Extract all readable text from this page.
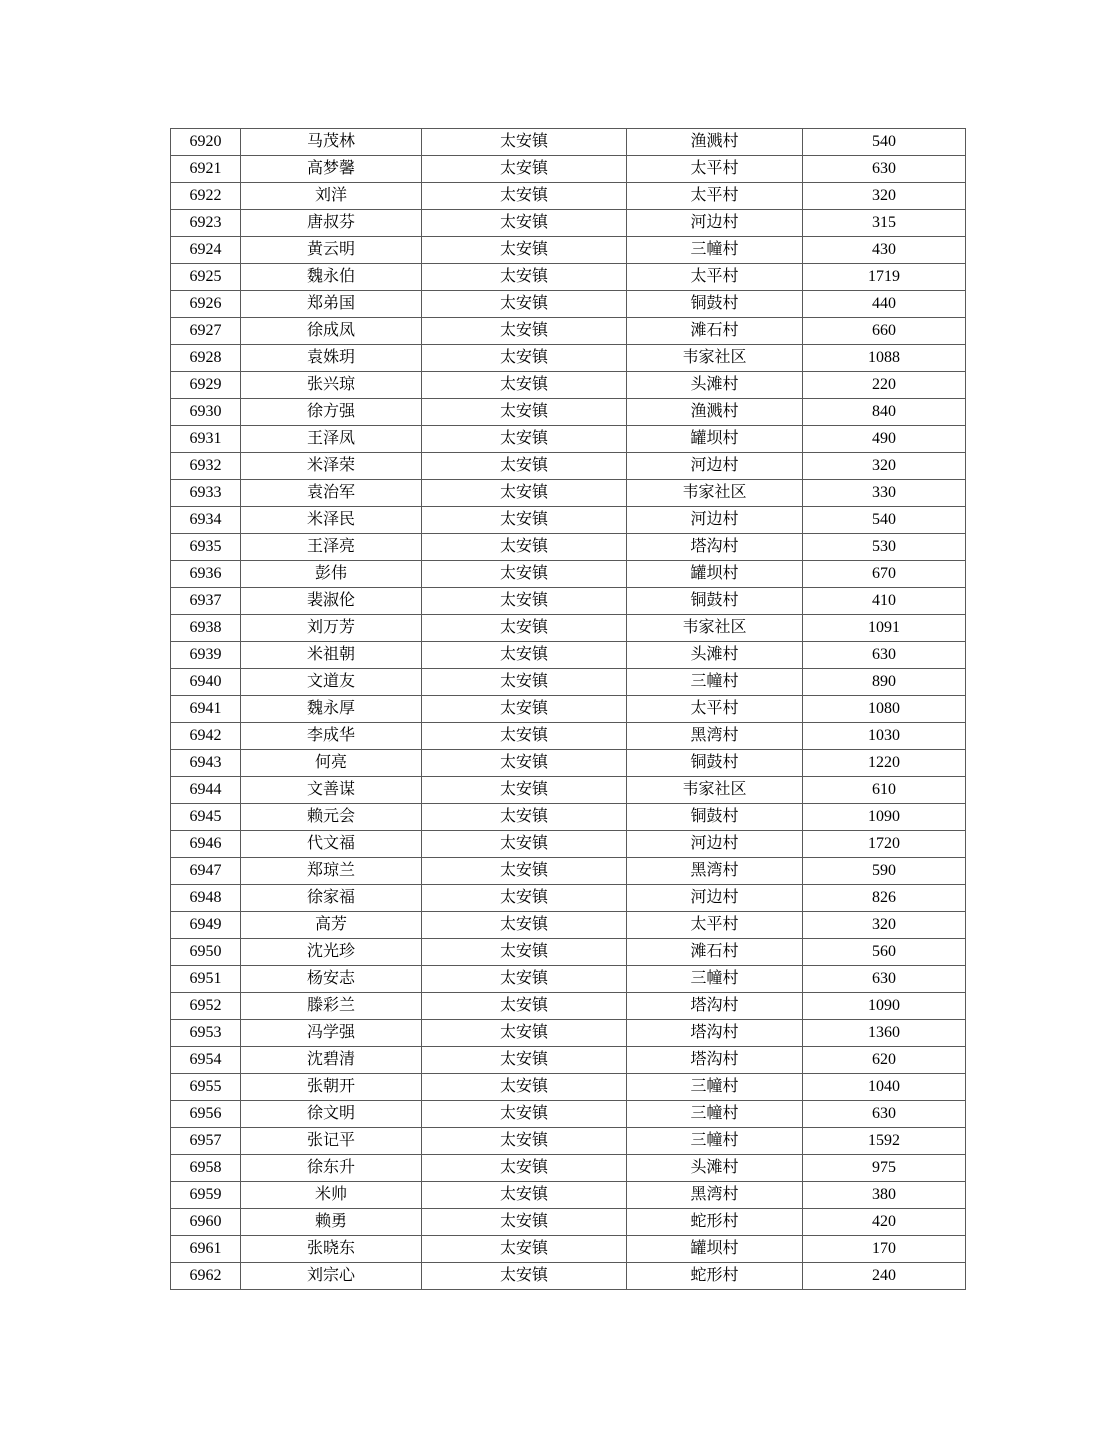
6920	马茂林	太安镇	渔溅村	540
6921	高梦馨	太安镇	太平村	630
6922	刘洋	太安镇	太平村	320
6923	唐叔芬	太安镇	河边村	315
6924	黄云明	太安镇	三幢村	430
6925	魏永伯	太安镇	太平村	1719
6926	郑弟国	太安镇	铜鼓村	440
6927	徐成凤	太安镇	滩石村	660
6928	袁姝玥	太安镇	韦家社区	1088
6929	张兴琼	太安镇	头滩村	220
6930	徐方强	太安镇	渔溅村	840
6931	王泽凤	太安镇	罐坝村	490
6932	米泽荣	太安镇	河边村	320
6933	袁治军	太安镇	韦家社区	330
6934	米泽民	太安镇	河边村	540
6935	王泽亮	太安镇	塔沟村	530
6936	彭伟	太安镇	罐坝村	670
6937	裴淑伦	太安镇	铜鼓村	410
6938	刘万芳	太安镇	韦家社区	1091
6939	米祖朝	太安镇	头滩村	630
6940	文道友	太安镇	三幢村	890
6941	魏永厚	太安镇	太平村	1080
6942	李成华	太安镇	黑湾村	1030
6943	何亮	太安镇	铜鼓村	1220
6944	文善谋	太安镇	韦家社区	610
6945	赖元会	太安镇	铜鼓村	1090
6946	代文福	太安镇	河边村	1720
6947	郑琼兰	太安镇	黑湾村	590
6948	徐家福	太安镇	河边村	826
6949	高芳	太安镇	太平村	320
6950	沈光珍	太安镇	滩石村	560
6951	杨安志	太安镇	三幢村	630
6952	滕彩兰	太安镇	塔沟村	1090
6953	冯学强	太安镇	塔沟村	1360
6954	沈碧清	太安镇	塔沟村	620
6955	张朝开	太安镇	三幢村	1040
6956	徐文明	太安镇	三幢村	630
6957	张记平	太安镇	三幢村	1592
6958	徐东升	太安镇	头滩村	975
6959	米帅	太安镇	黑湾村	380
6960	赖勇	太安镇	蛇形村	420
6961	张晓东	太安镇	罐坝村	170
6962	刘宗心	太安镇	蛇形村	240
